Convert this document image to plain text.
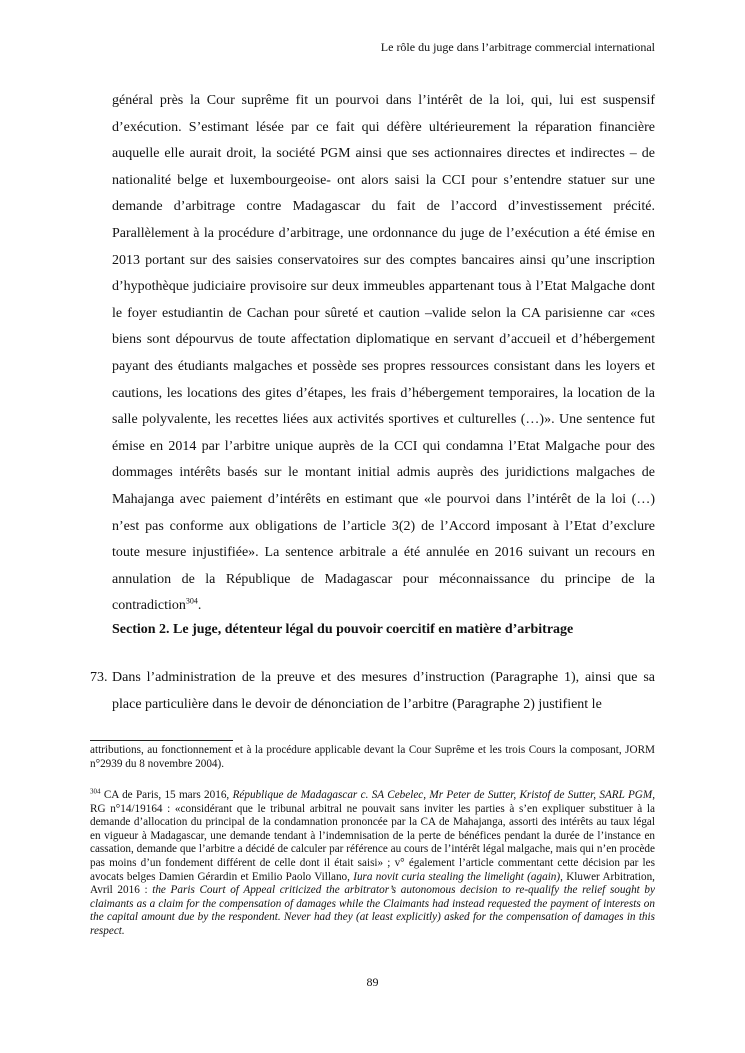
Le rôle du juge dans l’arbitrage commercial international

général près la Cour suprême fit un pourvoi dans l’intérêt de la loi, qui, lui est suspensif d’exécution. S’estimant lésée par ce fait qui défère ultérieurement la réparation financière auquelle elle aurait droit, la société PGM ainsi que ses actionnaires directes et indirectes – de nationalité belge et luxembourgeoise- ont alors saisi la CCI pour s’entendre statuer sur une demande d’arbitrage contre Madagascar du fait de l’accord d’investissement précité. Parallèlement à la procédure d’arbitrage, une ordonnance du juge de l’exécution a été émise en 2013 portant sur des saisies conservatoires sur des comptes bancaires ainsi qu’une inscription d’hypothèque judiciaire provisoire sur deux immeubles appartenant tous à l’Etat Malgache dont le foyer estudiantin de Cachan pour sûreté et caution –valide selon la CA parisienne car «ces biens sont dépourvus de toute affectation diplomatique en servant d’accueil et d’hébergement payant des étudiants malgaches et possède ses propres ressources consistant dans les loyers et cautions, les locations des gites d’étapes, les frais d’hébergement temporaires, la location de la salle polyvalente, les recettes liées aux activités sportives et culturelles (…)». Une sentence fut émise en 2014 par l’arbitre unique auprès de la CCI qui condamna l’Etat Malgache pour des dommages intérêts basés sur le montant initial admis auprès des juridictions malgaches de Mahajanga avec paiement d’intérêts en estimant que «le pourvoi dans l’intérêt de la loi (…) n’est pas conforme aux obligations de l’article 3(2) de l’Accord imposant à l’Etat d’exclure toute mesure injustifiée». La sentence arbitrale a été annulée en 2016 suivant un recours en annulation de la République de Madagascar pour méconnaissance du principe de la contradiction$^{304}$.

Section 2. Le juge, détenteur légal du pouvoir coercitif en matière d’arbitrage
73. Dans l’administration de la preuve et des mesures d’instruction (Paragraphe 1), ainsi que sa place particulière dans le devoir de dénonciation de l’arbitre (Paragraphe 2) justifient le

attributions, au fonctionnement et à la procédure applicable devant la Cour Suprême et les trois Cours la composant, JORM n°2939 du 8 novembre 2004).

$^{304}$ CA de Paris, 15 mars 2016, République de Madagascar c. SA Cebelec, Mr Peter de Sutter, Kristof de Sutter, SARL PGM, RG n°14/19164 : «considérant que le tribunal arbitral ne pouvait sans inviter les parties à s’en expliquer substituer à la demande d’allocation du principal de la condamnation prononcée par la CA de Mahajanga, assorti des intérêts au taux légal en vigueur à Madagascar, une demande tendant à l’indemnisation de la perte de bénéfices pendant la durée de l’instance en cassation, demande que l’arbitre a décidé de calculer par référence au cours de l’intérêt légal malgache, mais qui n’en procède pas moins d’un fondement différent de celle dont il était saisi» ; v° également l’article commentant cette décision par les avocats belges Damien Gérardin et Emilio Paolo Villano, Iura novit curia stealing the limelight (again), Kluwer Arbitration, Avril 2016 : the Paris Court of Appeal criticized the arbitrator’s autonomous decision to re-qualify the relief sought by claimants as a claim for the compensation of damages while the Claimants had instead requested the payment of interests on the capital amount due by the respondent. Never had they (at least explicitly) asked for the compensation of damages in this respect.

89
